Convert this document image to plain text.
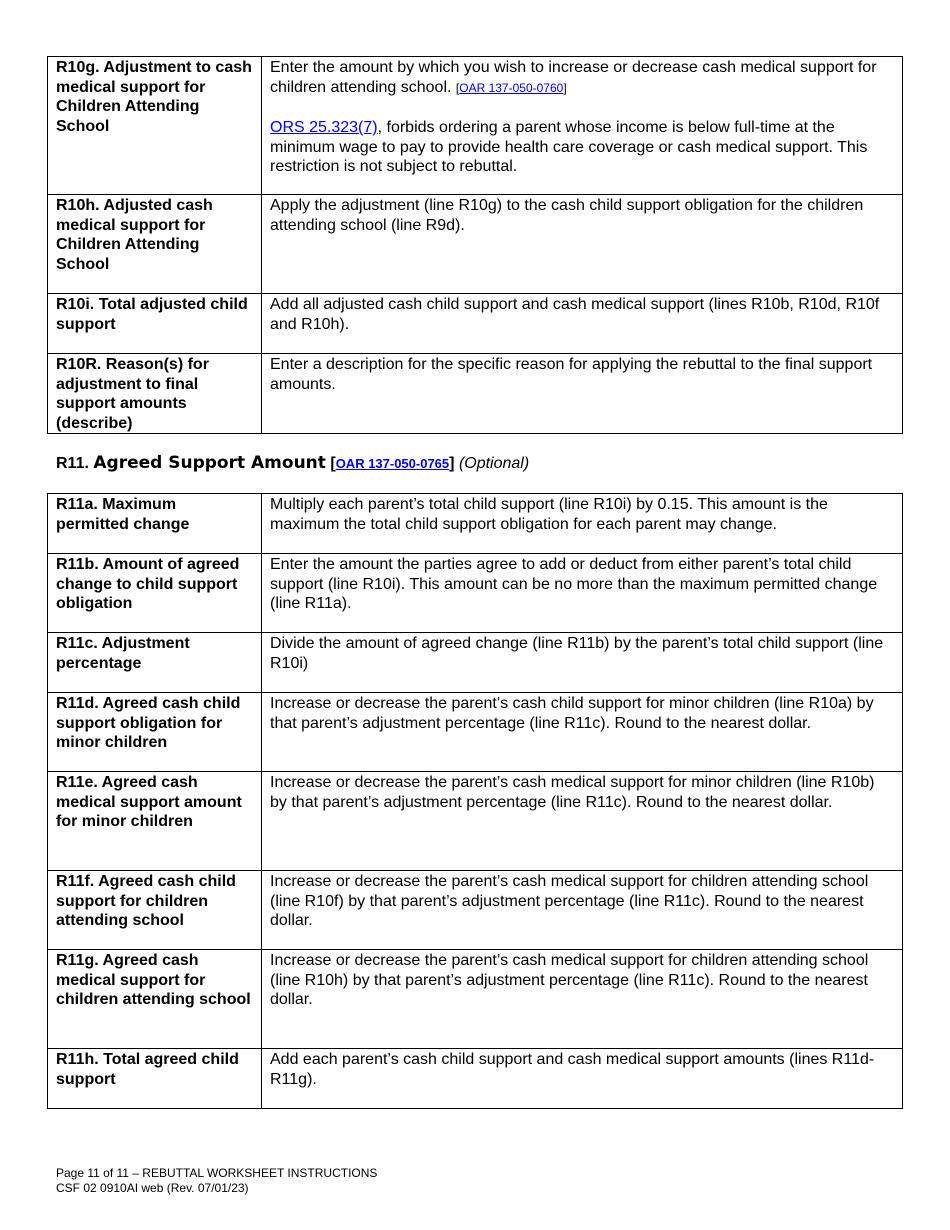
R10g. Adjustment to cash medical support for Children Attending School	Enter the amount by which you wish to increase or decrease cash medical support for children attending school. [OAR 137-050-0760]
ORS 25.323(7), forbids ordering a parent whose income is below full-time at the minimum wage to pay to provide health care coverage or cash medical support. This restriction is not subject to rebuttal.
R10h. Adjusted cash medical support for Children Attending School	Apply the adjustment (line R10g) to the cash child support obligation for the children attending school (line R9d).
R10i. Total adjusted child support	Add all adjusted cash child support and cash medical support (lines R10b, R10d, R10f and R10h).
R10R. Reason(s) for adjustment to final support amounts (describe)	Enter a description for the specific reason for applying the rebuttal to the final support amounts.
R11. Agreed Support Amount [OAR 137-050-0765] (Optional)
R11a. Maximum permitted change	Multiply each parent’s total child support (line R10i) by 0.15. This amount is the maximum the total child support obligation for each parent may change.
R11b. Amount of agreed change to child support obligation	Enter the amount the parties agree to add or deduct from either parent’s total child support (line R10i). This amount can be no more than the maximum permitted change (line R11a).
R11c. Adjustment percentage	Divide the amount of agreed change (line R11b) by the parent’s total child support (line R10i)
R11d. Agreed cash child support obligation for minor children	Increase or decrease the parent’s cash child support for minor children (line R10a) by that parent’s adjustment percentage (line R11c). Round to the nearest dollar.
R11e. Agreed cash medical support amount for minor children	Increase or decrease the parent’s cash medical support for minor children (line R10b) by that parent’s adjustment percentage (line R11c). Round to the nearest dollar.
R11f. Agreed cash child support for children attending school	Increase or decrease the parent’s cash medical support for children attending school (line R10f) by that parent’s adjustment percentage (line R11c). Round to the nearest dollar.
R11g. Agreed cash medical support for children attending school	Increase or decrease the parent’s cash medical support for children attending school (line R10h) by that parent’s adjustment percentage (line R11c). Round to the nearest dollar.
R11h. Total agreed child support	Add each parent’s cash child support and cash medical support amounts (lines R11d-R11g).
Page 11 of 11 – REBUTTAL WORKSHEET INSTRUCTIONS
CSF 02 0910AI web (Rev. 07/01/23)
